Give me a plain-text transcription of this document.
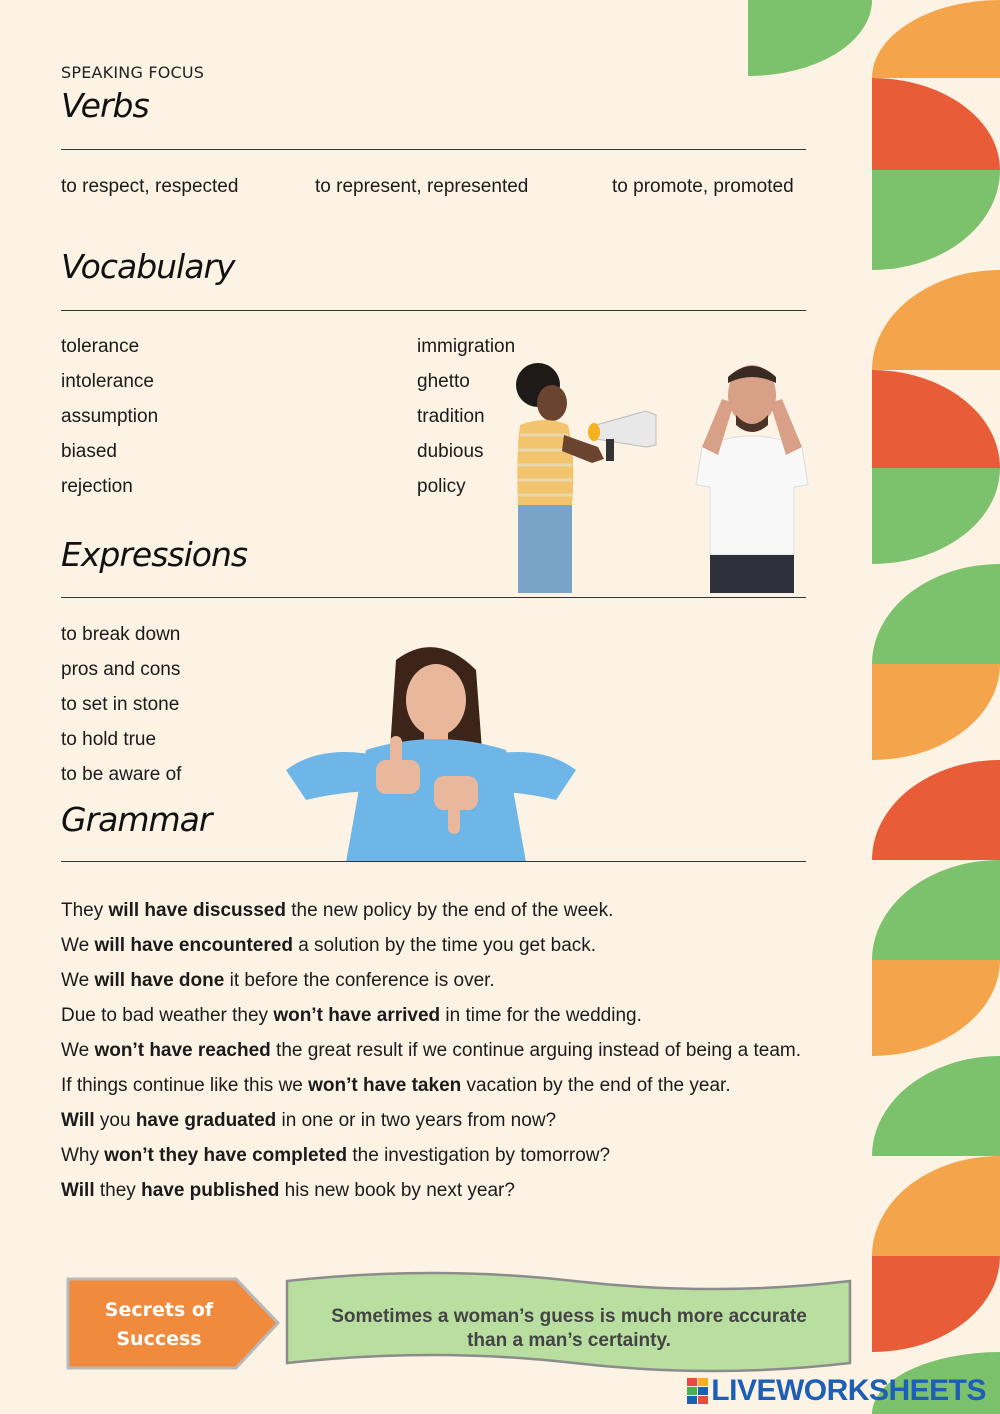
SPEAKING FOCUS
Verbs
to respect, respected	to represent, represented	to promote, promoted
Vocabulary
tolerance
intolerance
assumption
biased
rejection
immigration
ghetto
tradition
dubious
policy
Expressions
to break down
pros and cons
to set in stone
to hold true
to be aware of
Grammar
They will have discussed the new policy by the end of the week.
We will have encountered a solution by the time you get back.
We will have done it before the conference is over.
Due to bad weather they won’t have arrived in time for the wedding.
We won’t have reached the great result if we continue arguing instead of being a team.
If things continue like this we won’t have taken vacation by the end of the year.
Will you have graduated in one or in two years from now?
Why won’t they have completed the investigation by tomorrow?
Will they have published his new book by next year?
Secrets of
Success
Sometimes a woman’s guess is much more accurate
than a man’s certainty.
LIVEWORKSHEETS
